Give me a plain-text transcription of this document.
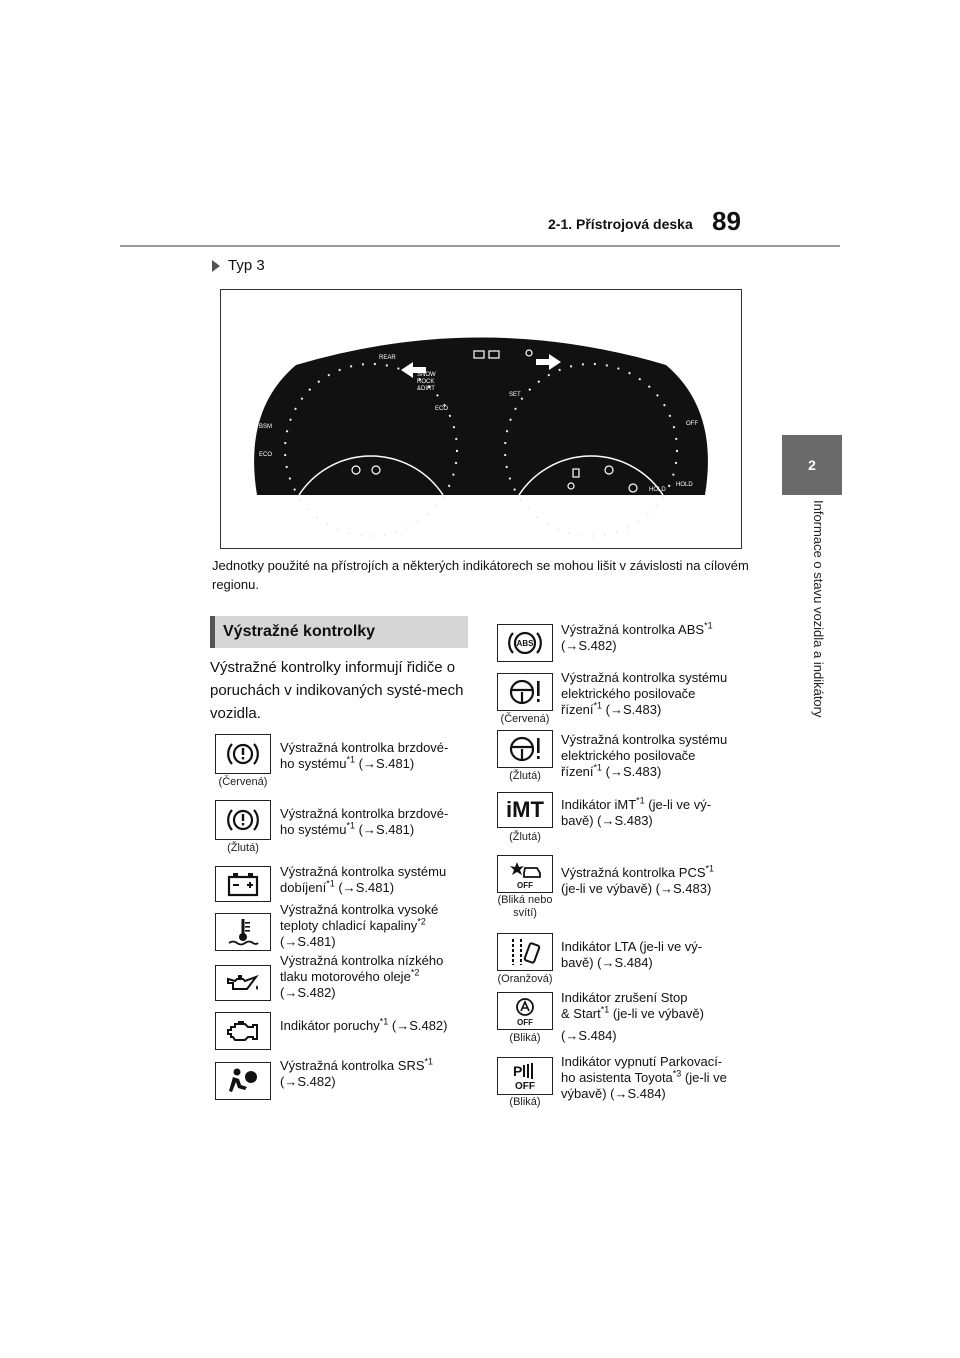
2-1. Přístrojová deska 89
2
Informace o stavu vozidla a indikátory
Typ 3
REAR
SNOW
ROCK
&DIRT
ECO
SET
HOLD
BSM	OFF
ECO
HOLD
Jednotky použité na přístrojích a některých indikátorech se mohou lišit v závislosti na cílovém regionu.
Výstražné kontrolky
Výstražné kontrolky informují řidiče o poruchách v indikovaných systé-mech vozidla.
(Červená)
Výstražná kontrolka brzdové-
ho systému$^{*1}$ (→S.481)
(Žlutá)
Výstražná kontrolka brzdové-
ho systému$^{*1}$ (→S.481)
Výstražná kontrolka systému
dobíjení$^{*1}$ (→S.481)
Výstražná kontrolka vysoké
teploty chladicí kapaliny$^{*2}$
(→S.481)
Výstražná kontrolka nízkého
tlaku motorového oleje$^{*2}$
(→S.482)
Indikátor poruchy$^{*1}$ (→S.482)
Výstražná kontrolka SRS$^{*1}$
(→S.482)
ABS
Výstražná kontrolka ABS$^{*1}$
(→S.482)
(Červená)
Výstražná kontrolka systému
elektrického posilovače
řízení$^{*1}$ (→S.483)
(Žlutá)
Výstražná kontrolka systému
elektrického posilovače
řízení$^{*1}$ (→S.483)
iMT
(Žlutá)
Indikátor iMT$^{*1}$ (je-li ve vý-
bavě) (→S.483)
OFF
(Bliká nebo svítí)
Výstražná kontrolka PCS$^{*1}$
(je-li ve výbavě) (→S.483)
(Oranžová)
Indikátor LTA (je-li ve vý-
bavě) (→S.484)
OFF
(Bliká)
Indikátor zrušení Stop
& Start$^{*1}$ (je-li ve výbavě)
(→S.484)
P
OFF
(Bliká)
Indikátor vypnutí Parkovací-
ho asistenta Toyota$^{*3}$ (je-li ve
výbavě) (→S.484)
